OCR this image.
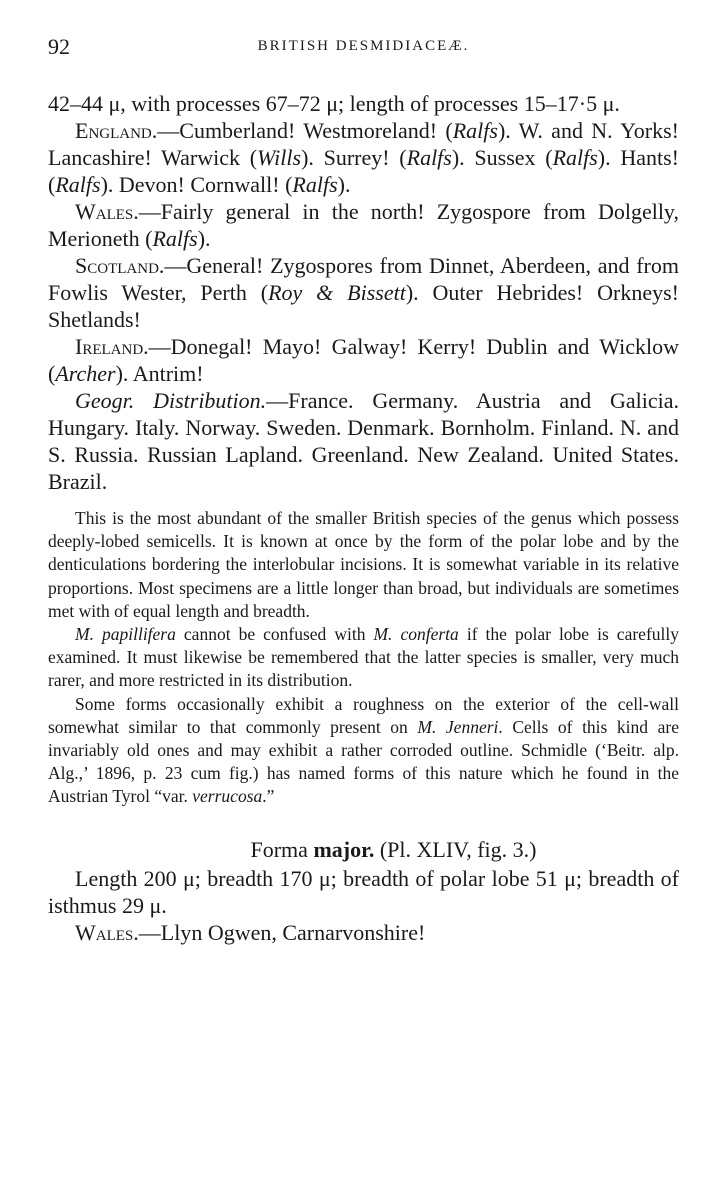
92	BRITISH DESMIDIACEÆ.

42–44 μ, with processes 67–72 μ; length of processes 15–17·5 μ.

England.—Cumberland! Westmoreland! (Ralfs). W. and N. Yorks! Lancashire! Warwick (Wills). Surrey! (Ralfs). Sussex (Ralfs). Hants! (Ralfs). Devon! Cornwall! (Ralfs).

Wales.—Fairly general in the north! Zygospore from Dolgelly, Merioneth (Ralfs).

Scotland.—General! Zygospores from Dinnet, Aberdeen, and from Fowlis Wester, Perth (Roy & Bissett). Outer Hebrides! Orkneys! Shetlands!

Ireland.—Donegal! Mayo! Galway! Kerry! Dublin and Wicklow (Archer). Antrim!

Geogr. Distribution.—France. Germany. Austria and Galicia. Hungary. Italy. Norway. Sweden. Denmark. Bornholm. Finland. N. and S. Russia. Russian Lapland. Greenland. New Zealand. United States. Brazil.

This is the most abundant of the smaller British species of the genus which possess deeply-lobed semicells. It is known at once by the form of the polar lobe and by the denticulations bordering the interlobular incisions. It is somewhat variable in its relative proportions. Most specimens are a little longer than broad, but individuals are sometimes met with of equal length and breadth.

M. papillifera cannot be confused with M. conferta if the polar lobe is carefully examined. It must likewise be remembered that the latter species is smaller, very much rarer, and more restricted in its distribution.

Some forms occasionally exhibit a roughness on the exterior of the cell-wall somewhat similar to that commonly present on M. Jenneri. Cells of this kind are invariably old ones and may exhibit a rather corroded outline. Schmidle (‘Beitr. alp. Alg.,’ 1896, p. 23 cum fig.) has named forms of this nature which he found in the Austrian Tyrol “var. verrucosa.”

Forma major. (Pl. XLIV, fig. 3.)

Length 200 μ; breadth 170 μ; breadth of polar lobe 51 μ; breadth of isthmus 29 μ.

Wales.—Llyn Ogwen, Carnarvonshire!
